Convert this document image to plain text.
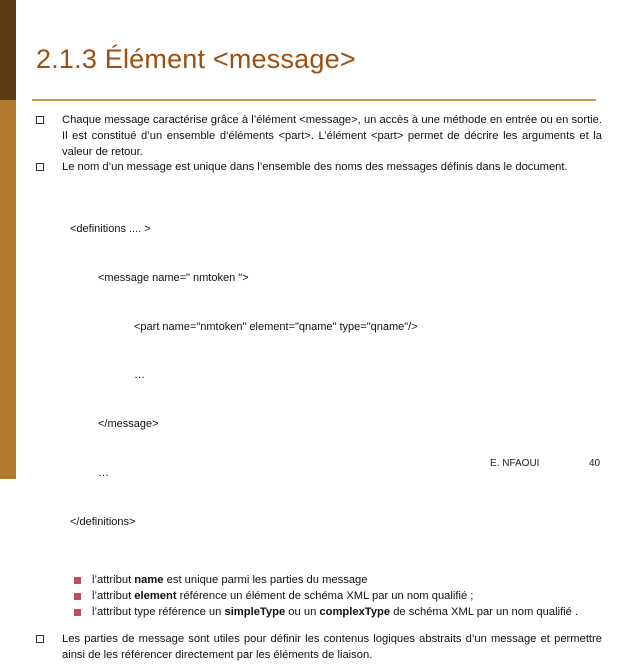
2.1.3 Élément <message>
Chaque message caractérise grâce à l’élément <message>, un accès à une méthode en entrée ou en sortie. Il est constitué d’un ensemble d’éléments <part>. L’élément <part> permet de décrire les arguments et la valeur de retour.
Le nom d’un message est unique dans l’ensemble des noms des messages définis dans le document.

<definitions .... >

<message name=" nmtoken ">

<part name="nmtoken" element="qname" type="qname"/>

…

</message>

…

</definitions>

l’attribut name est unique parmi les parties du message
l’attribut element référence un élément de schéma XML par un nom qualifié ;
l’attribut type référence un simpleType ou un complexType de schéma XML par un nom qualifié .
Les parties de message sont utiles pour définir les contenus logiques abstraits d’un message et permettre ainsi de les référencer directement par les éléments de liaison.
E. NFAOUI	40
